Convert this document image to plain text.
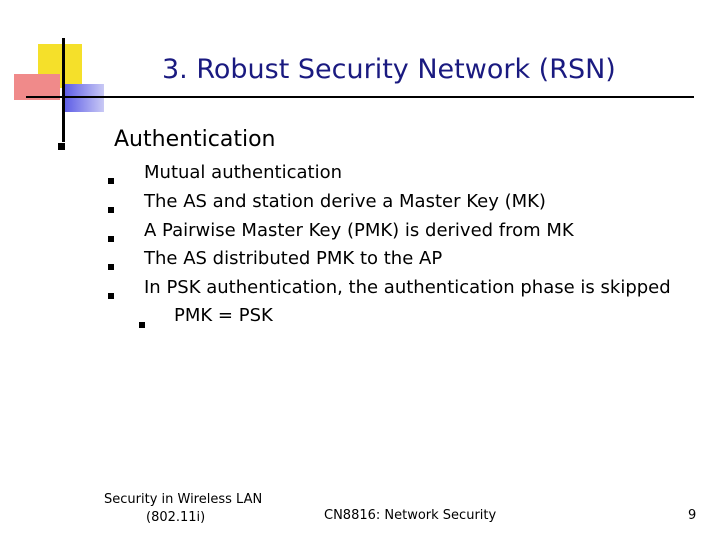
3. Robust Security Network (RSN)
Authentication
Mutual authentication
The AS and station derive a Master Key (MK)
A Pairwise Master Key (PMK) is derived from MK
The AS distributed PMK to the AP
In PSK authentication, the authentication phase is skipped
PMK = PSK
Security in Wireless LAN
(802.11i)	CN8816: Network Security	9
